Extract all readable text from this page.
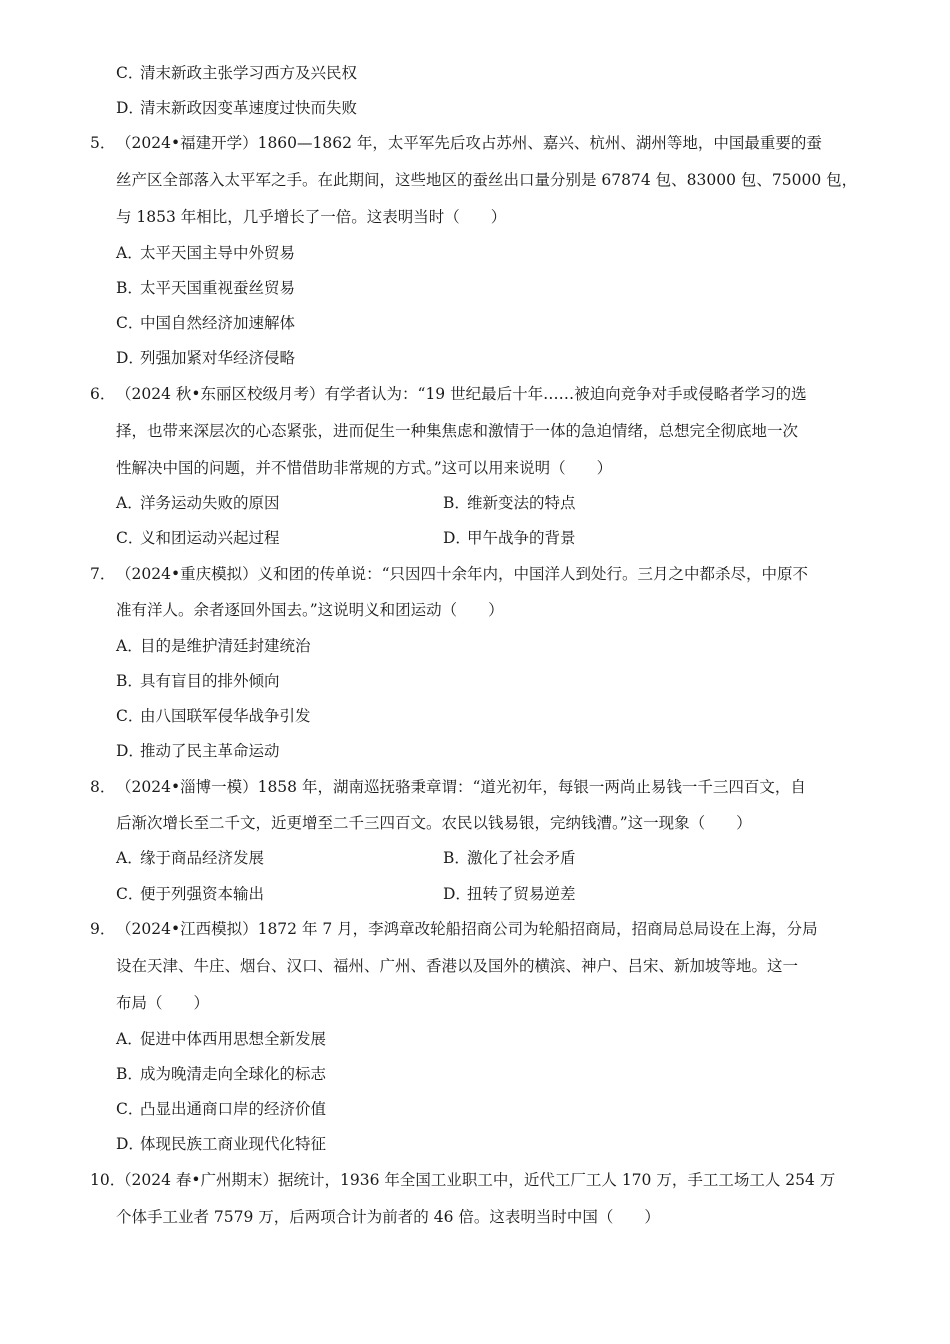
C．清末新政主张学习西方及兴民权
D．清末新政因变革速度过快而失败
5． （2024•福建开学）1860—1862 年，太平军先后攻占苏州、嘉兴、杭州、湖州等地，中国最重要的蚕
丝产区全部落入太平军之手。在此期间，这些地区的蚕丝出口量分别是 67874 包、83000 包、75000 包，
与 1853 年相比，几乎增长了一倍。这表明当时（　　）
A．太平天国主导中外贸易
B．太平天国重视蚕丝贸易
C．中国自然经济加速解体
D．列强加紧对华经济侵略
6． （2024 秋•东丽区校级月考）有学者认为：“19 世纪最后十年……被迫向竞争对手或侵略者学习的选
择，也带来深层次的心态紧张，进而促生一种集焦虑和激情于一体的急迫情绪，总想完全彻底地一次
性解决中国的问题，并不惜借助非常规的方式。”这可以用来说明（　　）
A．洋务运动失败的原因	B．维新变法的特点
C．义和团运动兴起过程	D．甲午战争的背景
7． （2024•重庆模拟）义和团的传单说：“只因四十余年内，中国洋人到处行。三月之中都杀尽，中原不
准有洋人。余者逐回外国去。”这说明义和团运动（　　）
A．目的是维护清廷封建统治
B．具有盲目的排外倾向
C．由八国联军侵华战争引发
D．推动了民主革命运动
8． （2024•淄博一模）1858 年，湖南巡抚骆秉章谓：“道光初年，每银一两尚止易钱一千三四百文，自
后渐次增长至二千文，近更增至二千三四百文。农民以钱易银，完纳钱漕。”这一现象（　　）
A．缘于商品经济发展	B．激化了社会矛盾
C．便于列强资本输出	D．扭转了贸易逆差
9． （2024•江西模拟）1872 年 7 月，李鸿章改轮船招商公司为轮船招商局，招商局总局设在上海，分局
设在天津、牛庄、烟台、汉口、福州、广州、香港以及国外的横滨、神户、吕宋、新加坡等地。这一
布局（　　）
A．促进中体西用思想全新发展
B．成为晚清走向全球化的标志
C．凸显出通商口岸的经济价值
D．体现民族工商业现代化特征
10．
（2024 春•广州期末）据统计，1936 年全国工业职工中，近代工厂工人 170 万，手工工场工人 254 万
个体手工业者 7579 万，后两项合计为前者的 46 倍。这表明当时中国（　　）
